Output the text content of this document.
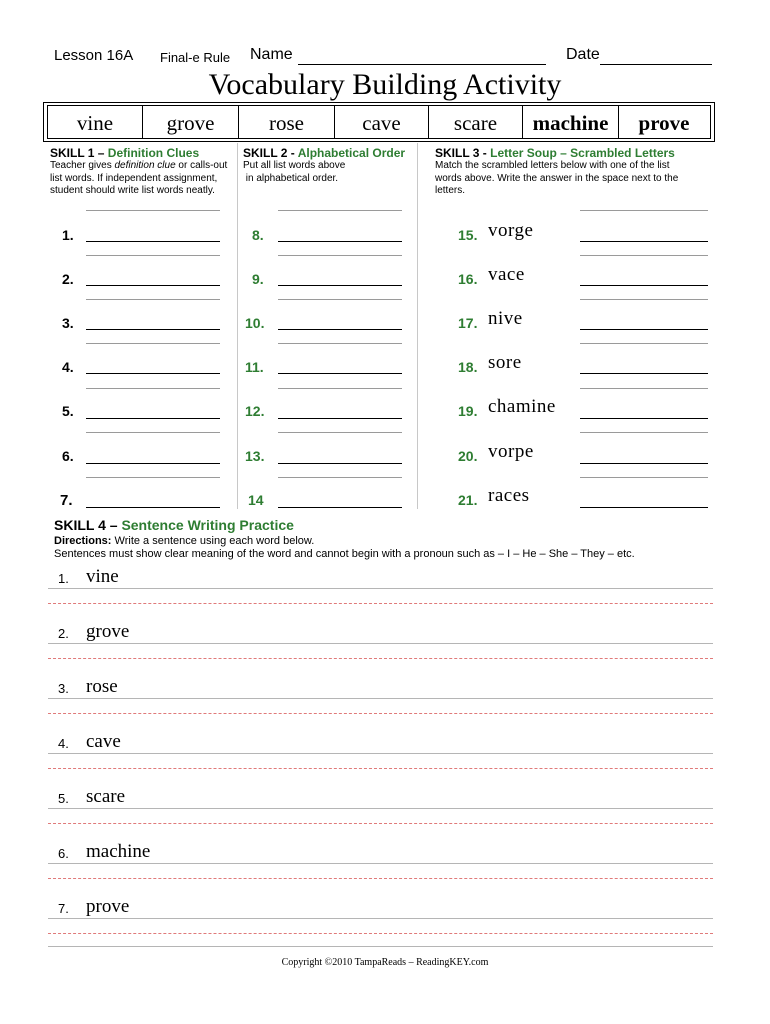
Lesson 16A Final-e Rule Name	Date
Vocabulary Building Activity
vine	grove	rose	cave	scare	machine	prove
SKILL 1 – Definition Clues
Teacher gives definition clue or calls-out
list words. If independent assignment,
student should write list words neatly.
SKILL 2 - Alphabetical Order
Put all list words above
in alphabetical order.
SKILL 3 - Letter Soup – Scrambled Letters
Match the scrambled letters below with one of the list
words above. Write the answer in the space next to the
letters.
1.	8.	15. vorge
2.	9.	16. vace
3.	10.	17. nive
4.	11.	18. sore
5.	12.	19. chamine
6.	13.	20. vorpe
7.	14	21. races
SKILL 4 – Sentence Writing Practice
Directions: Write a sentence using each word below.
Sentences must show clear meaning of the word and cannot begin with a pronoun such as – I – He – She – They – etc.
1. vine
2. grove
3. rose
4. cave
5. scare
6. machine
7. prove
Copyright ©2010 TampaReads – ReadingKEY.com
